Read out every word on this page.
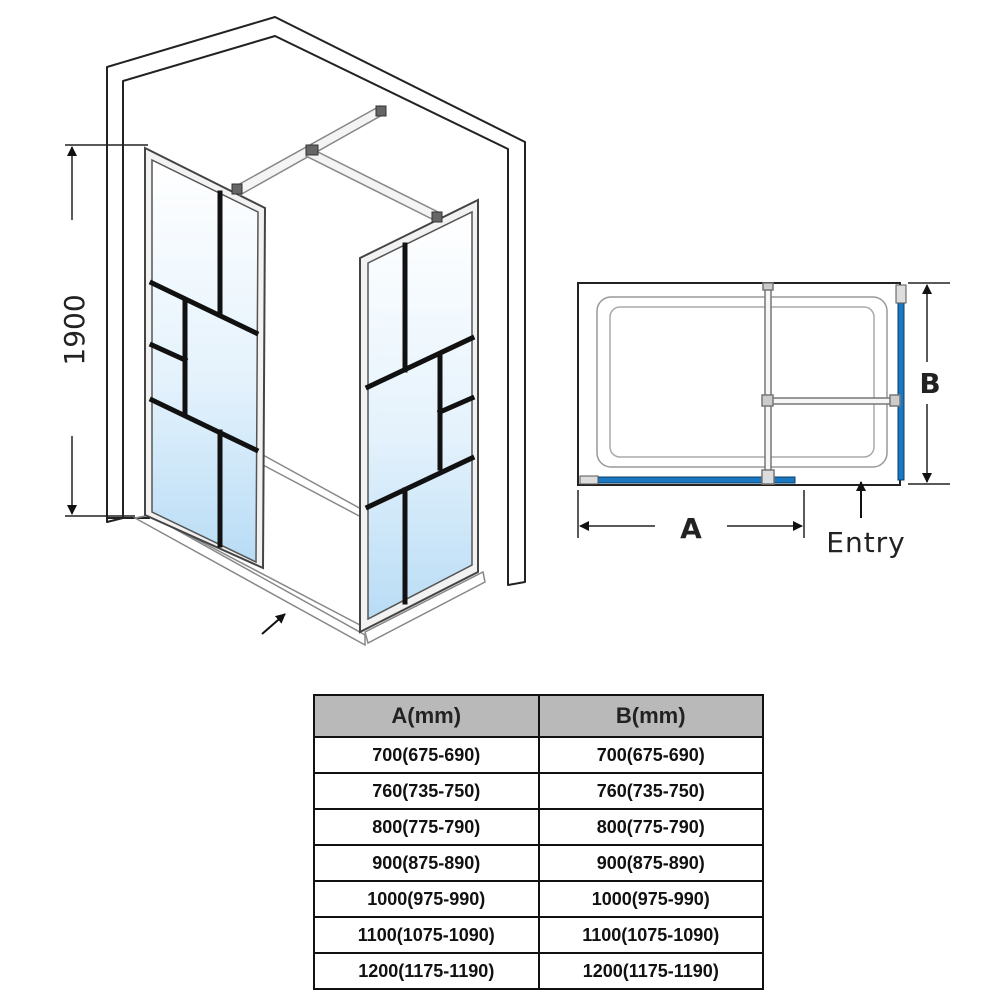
1900
A
B
Entry
A(mm)	B(mm)
700(675-690)	700(675-690)
760(735-750)	760(735-750)
800(775-790)	800(775-790)
900(875-890)	900(875-890)
1000(975-990)	1000(975-990)
1100(1075-1090)	1100(1075-1090)
1200(1175-1190)	1200(1175-1190)
